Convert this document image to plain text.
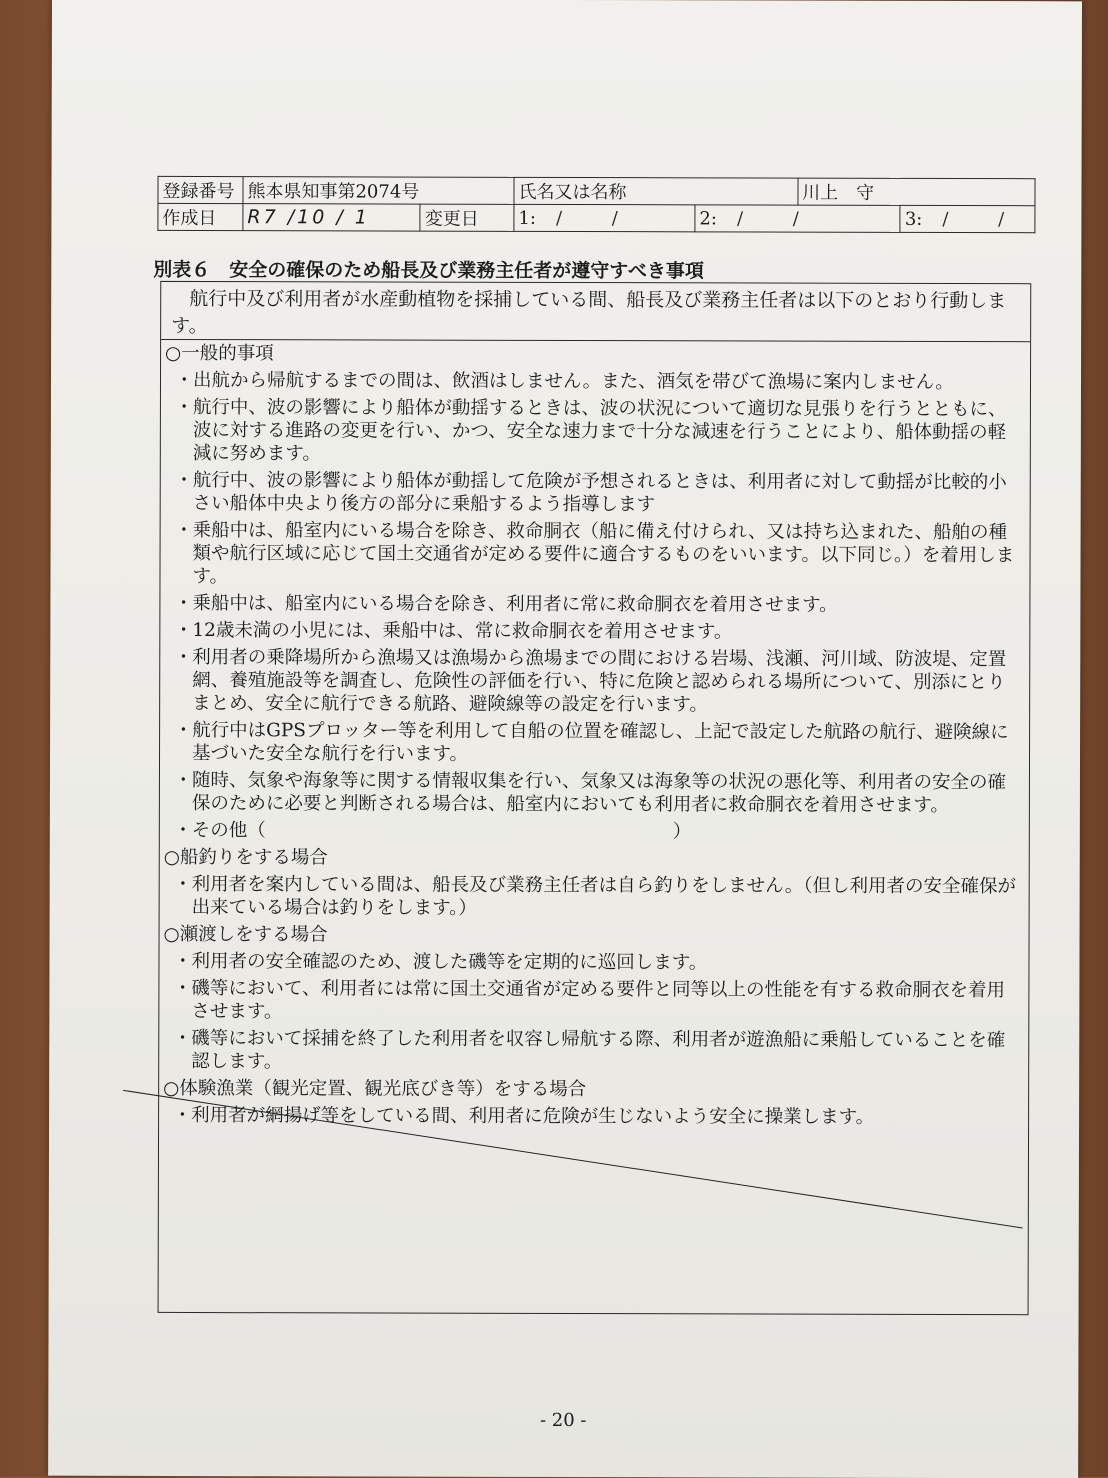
登録番号	熊本県知事第2074号		氏名又は名称		川上　守	
作成日	R7 /10 / 1	変更日	1: / /	2: / /		3: / /
別表６　安全の確保のため船長及び業務主任者が遵守すべき事項
航行中及び利用者が水産動植物を採捕している間、船長及び業務主任者は以下のとおり行動します。
○一般的事項
・ 出航から帰航するまでの間は、飲酒はしません。また、酒気を帯びて漁場に案内しません。
・ 航行中、波の影響により船体が動揺するときは、波の状況について適切な見張りを行うとともに、波に対する進路の変更を行い、かつ、安全な速力まで十分な減速を行うことにより、船体動揺の軽減に努めます。
・ 航行中、波の影響により船体が動揺して危険が予想されるときは、利用者に対して動揺が比較的小さい船体中央より後方の部分に乗船するよう指導します
・ 乗船中は、船室内にいる場合を除き、救命胴衣（船に備え付けられ、又は持ち込まれた、船舶の種類や航行区域に応じて国土交通省が定める要件に適合するものをいいます。以下同じ。）を着用します。
・ 乗船中は、船室内にいる場合を除き、利用者に常に救命胴衣を着用させます。
・ 12歳未満の小児には、乗船中は、常に救命胴衣を着用させます。
・ 利用者の乗降場所から漁場又は漁場から漁場までの間における岩場、浅瀬、河川域、防波堤、定置網、養殖施設等を調査し、危険性の評価を行い、特に危険と認められる場所について、別添にとりまとめ、安全に航行できる航路、避険線等の設定を行います。
・ 航行中はGPSプロッター等を利用して自船の位置を確認し、上記で設定した航路の航行、避険線に基づいた安全な航行を行います。
・ 随時、気象や海象等に関する情報収集を行い、気象又は海象等の状況の悪化等、利用者の安全の確保のために必要と判断される場合は、船室内においても利用者に救命胴衣を着用させます。
・ その他（　　　　　　　　　　　　　　　　　　　　　　）
○船釣りをする場合
・ 利用者を案内している間は、船長及び業務主任者は自ら釣りをしません。（但し利用者の安全確保が出来ている場合は釣りをします。）
○瀬渡しをする場合
・ 利用者の安全確認のため、渡した磯等を定期的に巡回します。
・ 磯等において、利用者には常に国土交通省が定める要件と同等以上の性能を有する救命胴衣を着用させます。
・ 磯等において採捕を終了した利用者を収容し帰航する際、利用者が遊漁船に乗船していることを確認します。
○体験漁業（観光定置、観光底びき等）をする場合
・ 利用者が網揚げ等をしている間、利用者に危険が生じないよう安全に操業します。
- 20 -
